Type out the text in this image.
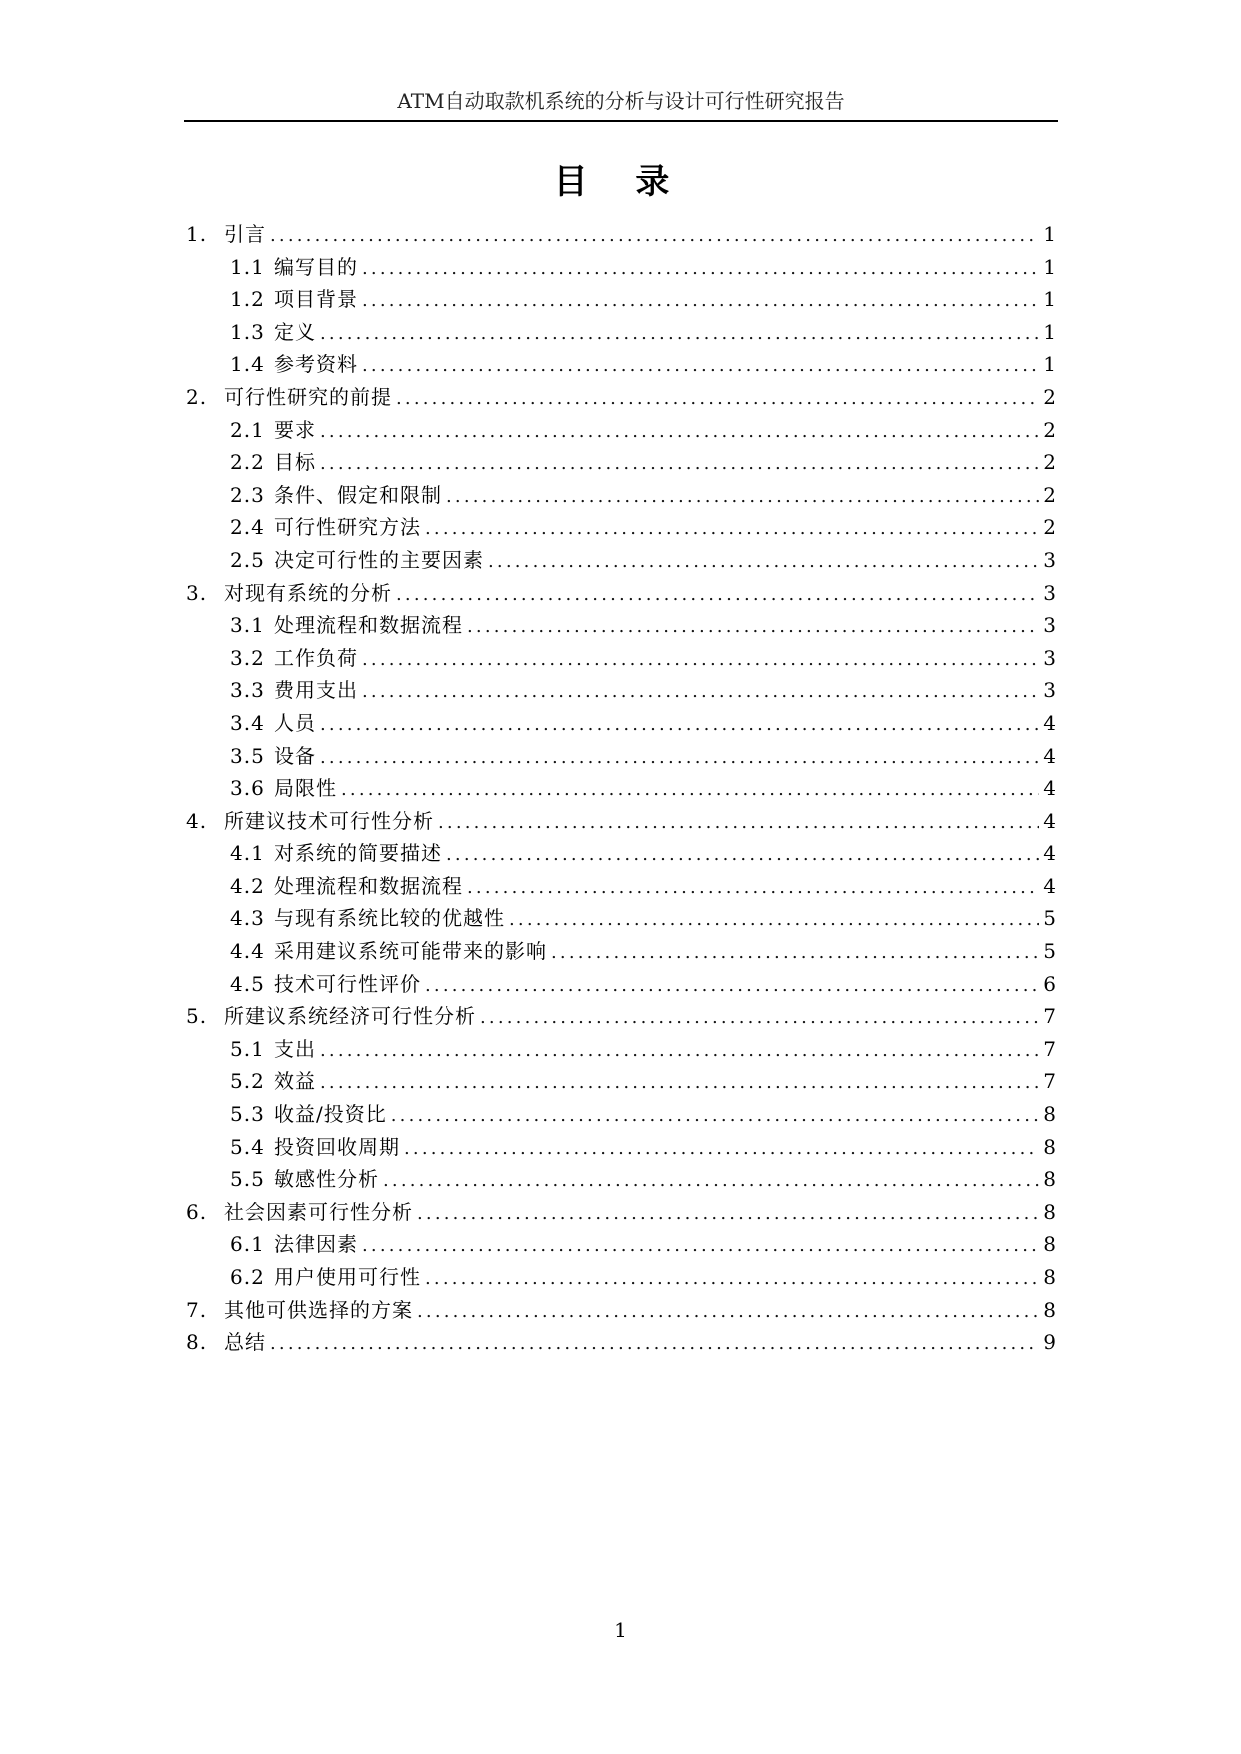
ATM自动取款机系统的分析与设计可行性研究报告
目 录
1. 引言 .....	1
1.1 编写目的 .....	1
1.2 项目背景 .....	1
1.3 定义 .....	1
1.4 参考资料 .....	1
2. 可行性研究的前提 .....	2
2.1 要求 .....	2
2.2 目标 .....	2
2.3 条件、假定和限制 .....	2
2.4 可行性研究方法 .....	2
2.5 决定可行性的主要因素 .....	3
3. 对现有系统的分析 .....	3
3.1 处理流程和数据流程 .....	3
3.2 工作负荷 .....	3
3.3 费用支出 .....	3
3.4 人员 .....	4
3.5 设备 .....	4
3.6 局限性 .....	4
4. 所建议技术可行性分析 .....	4
4.1 对系统的简要描述 .....	4
4.2 处理流程和数据流程 .....	4
4.3 与现有系统比较的优越性 .....	5
4.4 采用建议系统可能带来的影响 .....	5
4.5 技术可行性评价 .....	6
5. 所建议系统经济可行性分析 .....	7
5.1 支出 .....	7
5.2 效益 .....	7
5.3 收益/投资比 .....	8
5.4 投资回收周期 .....	8
5.5 敏感性分析 .....	8
6. 社会因素可行性分析 .....	8
6.1 法律因素 .....	8
6.2 用户使用可行性 .....	8
7. 其他可供选择的方案 .....	8
8. 总结 .....	9
1
